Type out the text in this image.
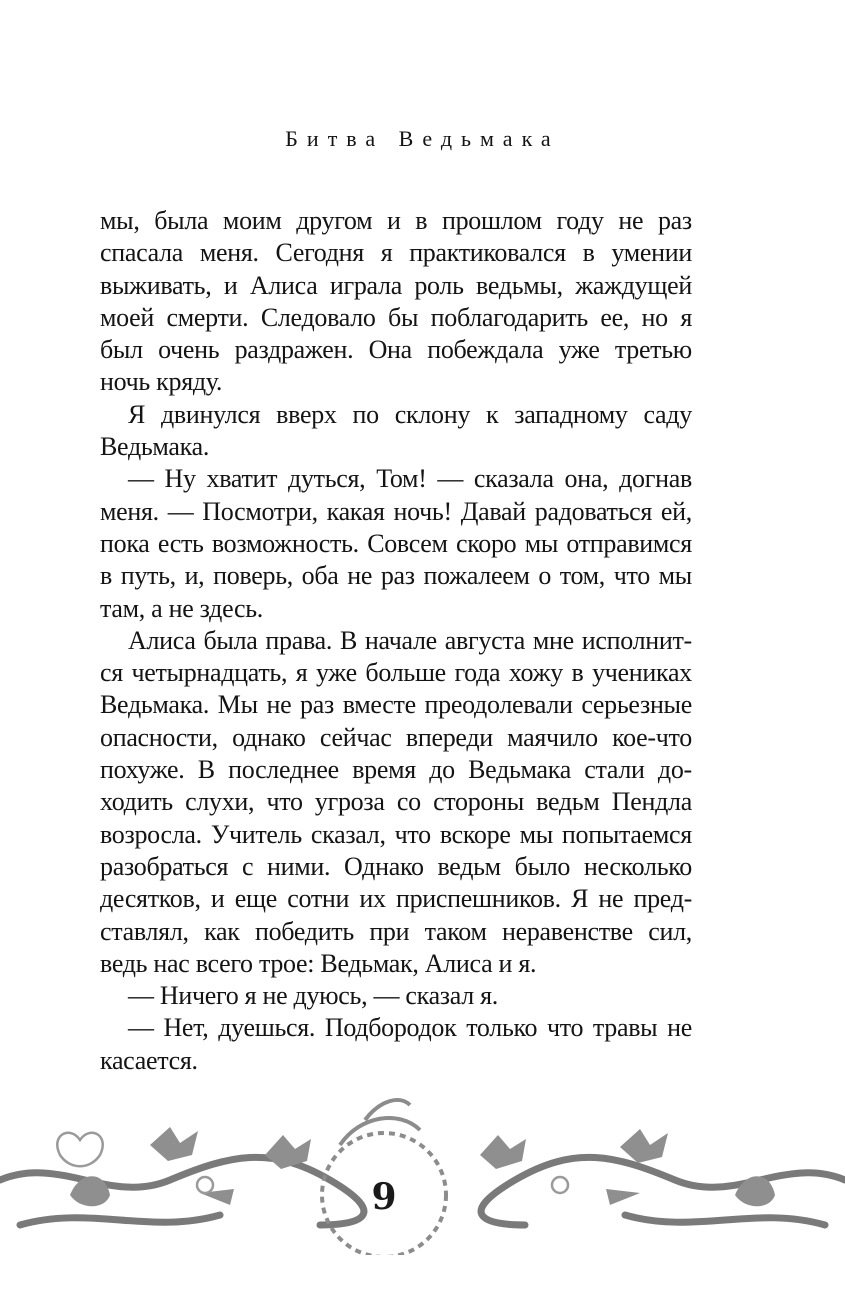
Битва Ведьмака
мы, была моим другом и в прошлом году не раз
спасала меня. Сегодня я практиковался в умении
выживать, и Алиса играла роль ведьмы, жаждущей
моей смерти. Следовало бы поблагодарить ее, но я
был очень раздражен. Она побеждала уже третью
ночь кряду.
Я двинулся вверх по склону к западному саду
Ведьмака.
— Ну хватит дуться, Том! — сказала она, догнав
меня. — Посмотри, какая ночь! Давай радоваться ей,
пока есть возможность. Совсем скоро мы отправимся
в путь, и, поверь, оба не раз пожалеем о том, что мы
там, а не здесь.
Алиса была права. В начале августа мне исполнит-
ся четырнадцать, я уже больше года хожу в учениках
Ведьмака. Мы не раз вместе преодолевали серьезные
опасности, однако сейчас впереди маячило кое-что
похуже. В последнее время до Ведьмака стали до-
ходить слухи, что угроза со стороны ведьм Пендла
возросла. Учитель сказал, что вскоре мы попытаемся
разобраться с ними. Однако ведьм было несколько
десятков, и еще сотни их приспешников. Я не пред-
ставлял, как победить при таком неравенстве сил,
ведь нас всего трое: Ведьмак, Алиса и я.
— Ничего я не дуюсь, — сказал я.
— Нет, дуешься. Подбородок только что травы не
касается.
9
